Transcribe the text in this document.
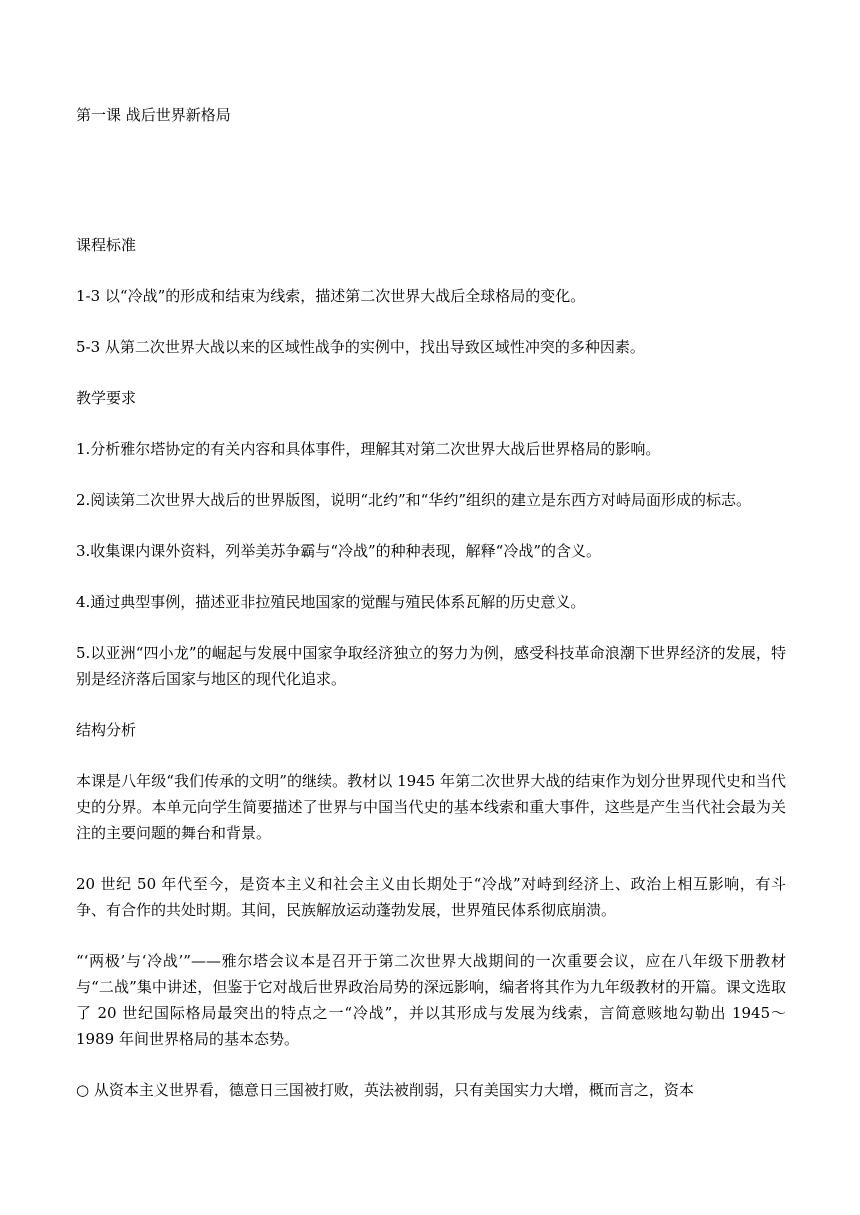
第一课 战后世界新格局

课程标准

1-3 以“冷战”的形成和结束为线索，描述第二次世界大战后全球格局的变化。

5-3 从第二次世界大战以来的区域性战争的实例中，找出导致区域性冲突的多种因素。

教学要求

1.分析雅尔塔协定的有关内容和具体事件，理解其对第二次世界大战后世界格局的影响。

2.阅读第二次世界大战后的世界版图，说明“北约”和“华约”组织的建立是东西方对峙局面形成的标志。

3.收集课内课外资料，列举美苏争霸与“冷战”的种种表现，解释“冷战”的含义。

4.通过典型事例，描述亚非拉殖民地国家的觉醒与殖民体系瓦解的历史意义。

5.以亚洲“四小龙”的崛起与发展中国家争取经济独立的努力为例，感受科技革命浪潮下世界经济的发展，特别是经济落后国家与地区的现代化追求。

结构分析

本课是八年级“我们传承的文明”的继续。教材以 1945 年第二次世界大战的结束作为划分世界现代史和当代史的分界。本单元向学生简要描述了世界与中国当代史的基本线索和重大事件，这些是产生当代社会最为关注的主要问题的舞台和背景。

20 世纪 50 年代至今，是资本主义和社会主义由长期处于“冷战”对峙到经济上、政治上相互影响，有斗争、有合作的共处时期。其间，民族解放运动蓬勃发展，世界殖民体系彻底崩溃。

“‘两极’与‘冷战’”——雅尔塔会议本是召开于第二次世界大战期间的一次重要会议，应在八年级下册教材与“二战”集中讲述，但鉴于它对战后世界政治局势的深远影响，编者将其作为九年级教材的开篇。课文选取了 20 世纪国际格局最突出的特点之一“冷战”，并以其形成与发展为线索，言简意赅地勾勒出 1945～1989 年间世界格局的基本态势。

○ 从资本主义世界看，德意日三国被打败，英法被削弱，只有美国实力大增，概而言之，资本
